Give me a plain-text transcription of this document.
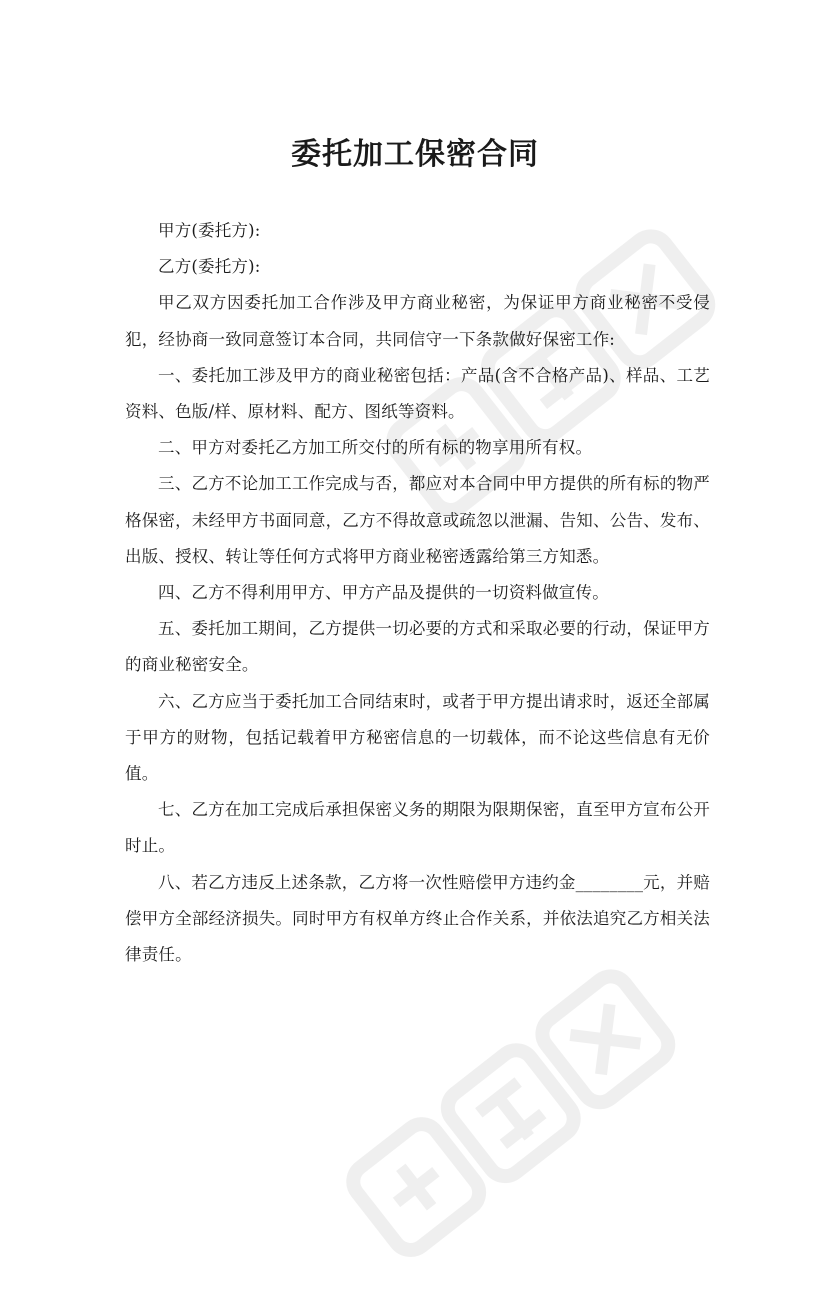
委托加工保密合同

甲方(委托方):

乙方(委托方):

甲乙双方因委托加工合作涉及甲方商业秘密，为保证甲方商业秘密不受侵犯，经协商一致同意签订本合同，共同信守一下条款做好保密工作:

一、委托加工涉及甲方的商业秘密包括：产品(含不合格产品)、样品、工艺资料、色版/样、原材料、配方、图纸等资料。

二、甲方对委托乙方加工所交付的所有标的物享用所有权。

三、乙方不论加工工作完成与否，都应对本合同中甲方提供的所有标的物严格保密，未经甲方书面同意，乙方不得故意或疏忽以泄漏、告知、公告、发布、出版、授权、转让等任何方式将甲方商业秘密透露给第三方知悉。

四、乙方不得利用甲方、甲方产品及提供的一切资料做宣传。

五、委托加工期间，乙方提供一切必要的方式和采取必要的行动，保证甲方的商业秘密安全。

六、乙方应当于委托加工合同结束时，或者于甲方提出请求时，返还全部属于甲方的财物，包括记载着甲方秘密信息的一切载体，而不论这些信息有无价值。

七、乙方在加工完成后承担保密义务的期限为限期保密，直至甲方宣布公开时止。

八、若乙方违反上述条款，乙方将一次性赔偿甲方违约金________元，并赔偿甲方全部经济损失。同时甲方有权单方终止合作关系，并依法追究乙方相关法律责任。
